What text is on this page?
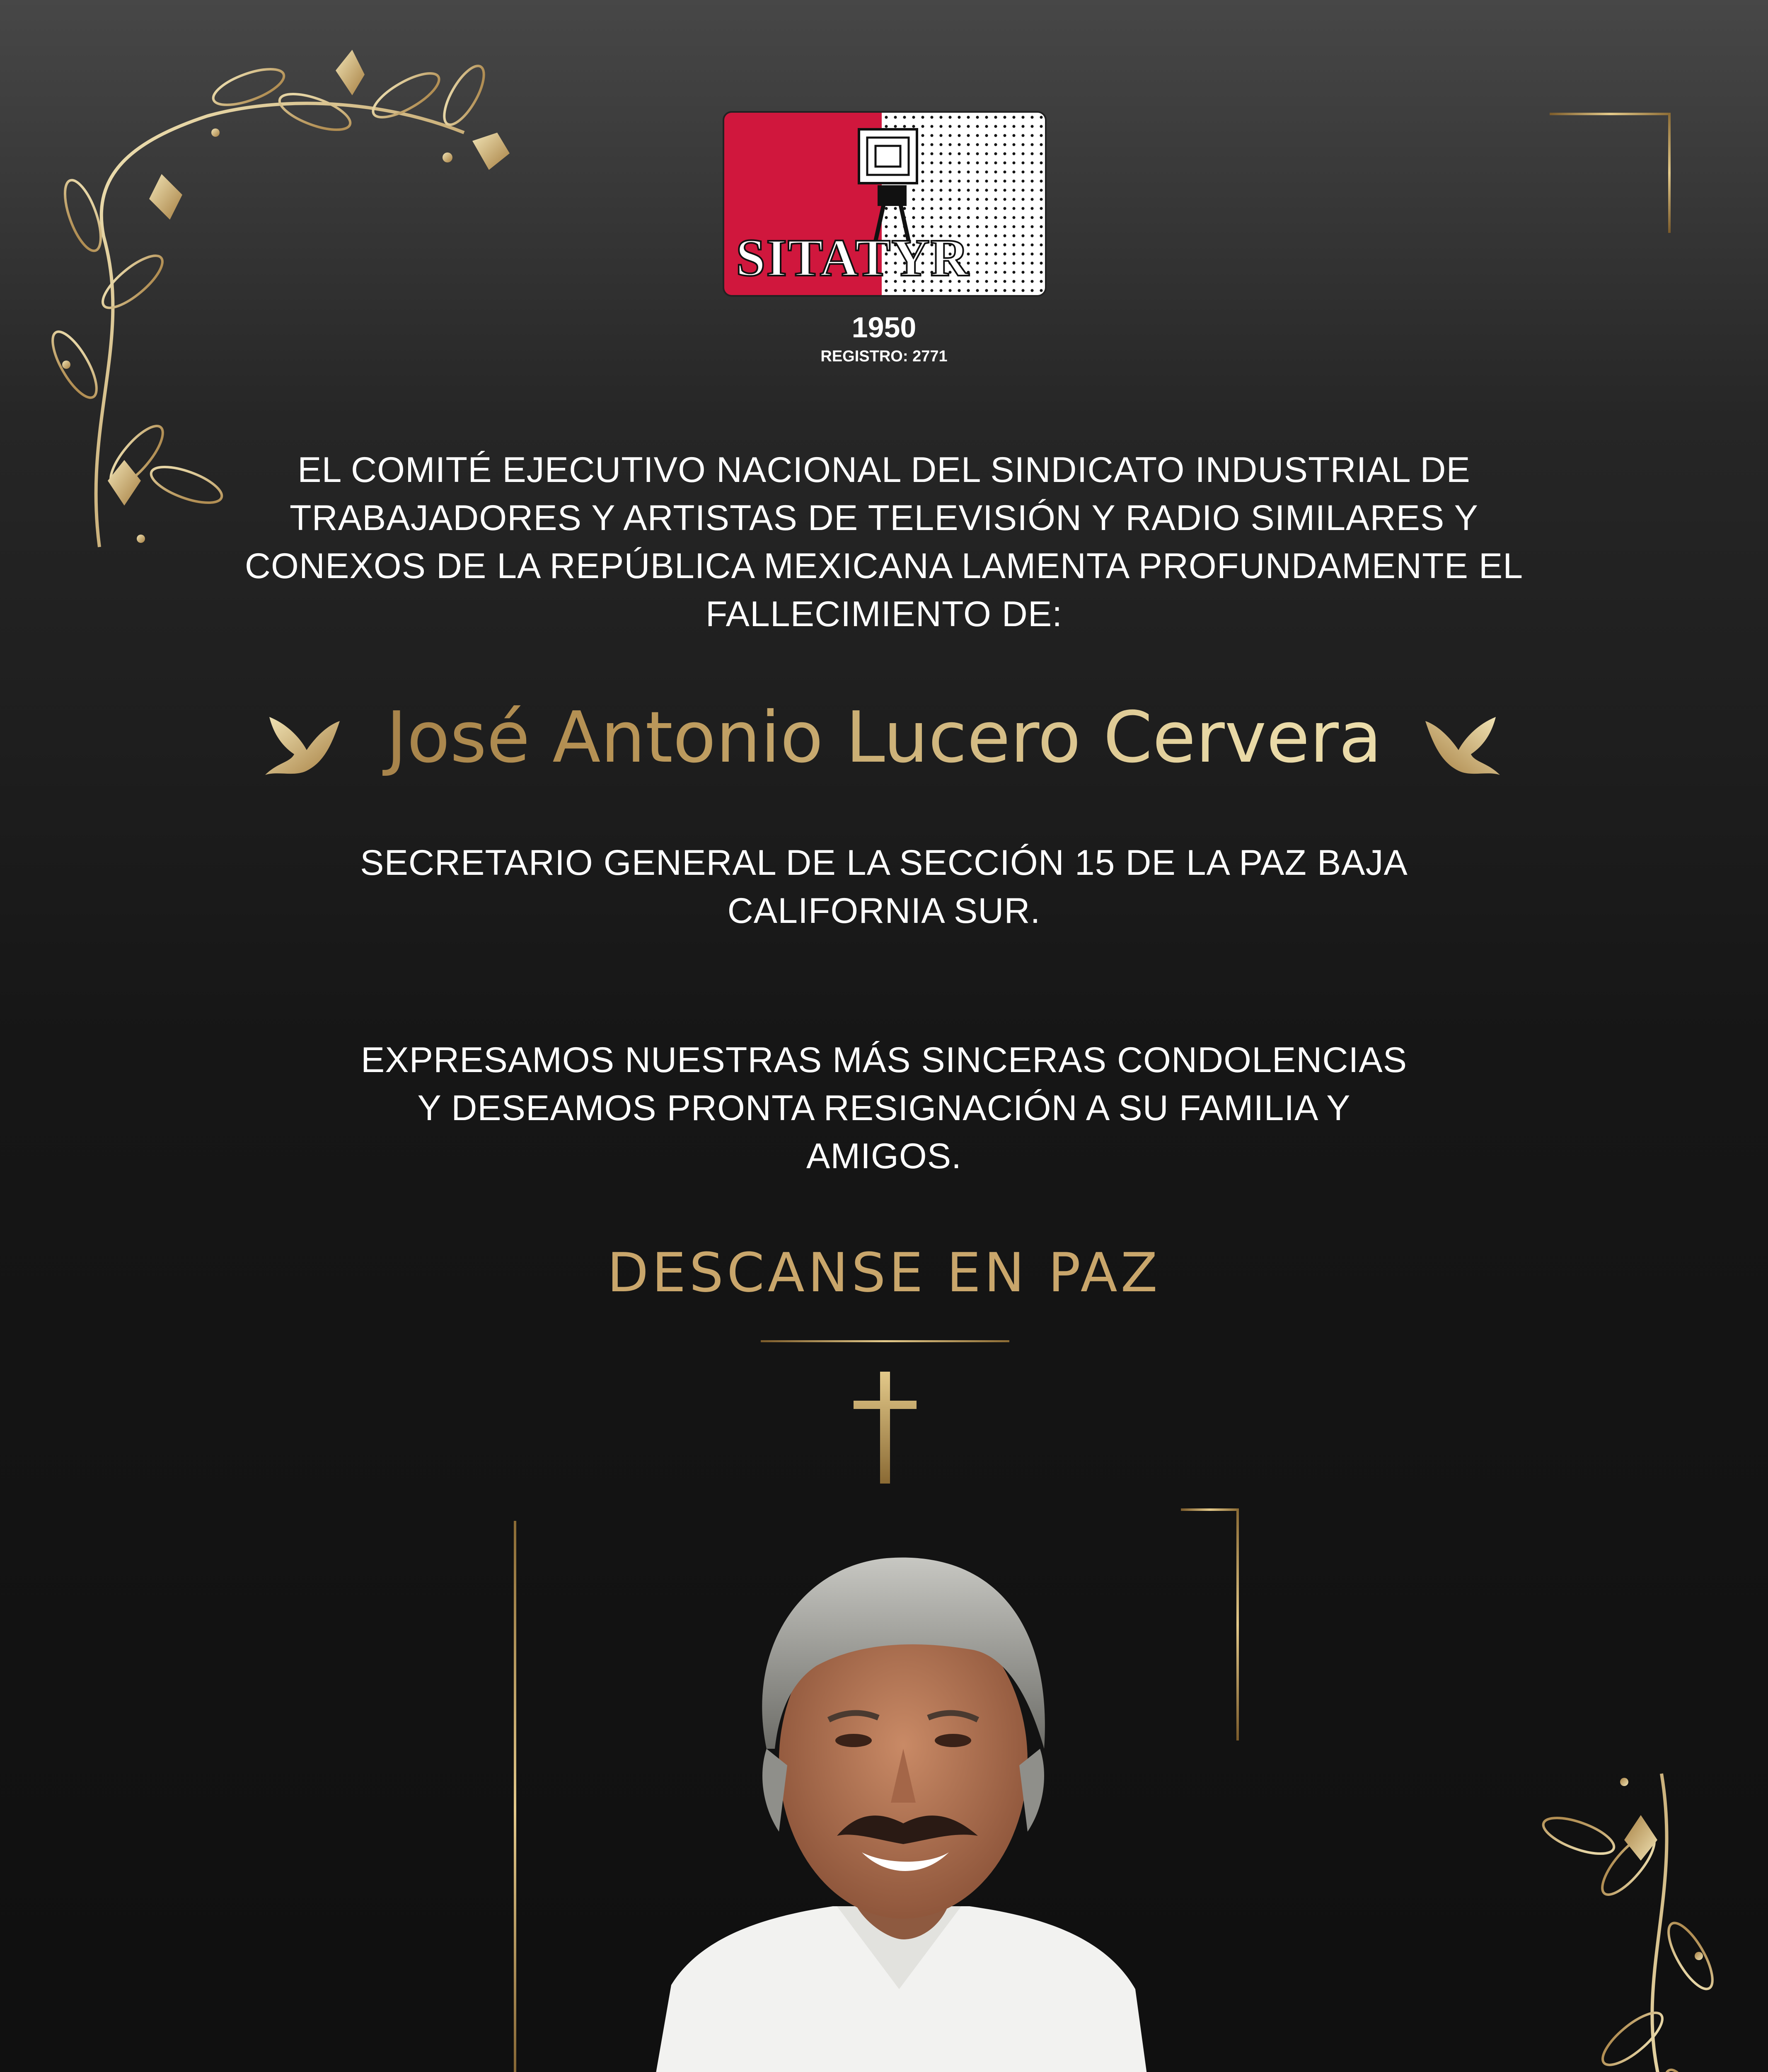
SITATYR
1950
REGISTRO: 2771
EL COMITÉ EJECUTIVO NACIONAL DEL SINDICATO INDUSTRIAL DE
TRABAJADORES Y ARTISTAS DE TELEVISIÓN Y RADIO SIMILARES Y
CONEXOS DE LA REPÚBLICA MEXICANA LAMENTA PROFUNDAMENTE EL
FALLECIMIENTO DE:
José Antonio Lucero Cervera
SECRETARIO GENERAL DE LA SECCIÓN 15 DE LA PAZ BAJA
CALIFORNIA SUR.
EXPRESAMOS NUESTRAS MÁS SINCERAS CONDOLENCIAS
Y DESEAMOS PRONTA RESIGNACIÓN A SU FAMILIA Y
AMIGOS.
DESCANSE EN PAZ
